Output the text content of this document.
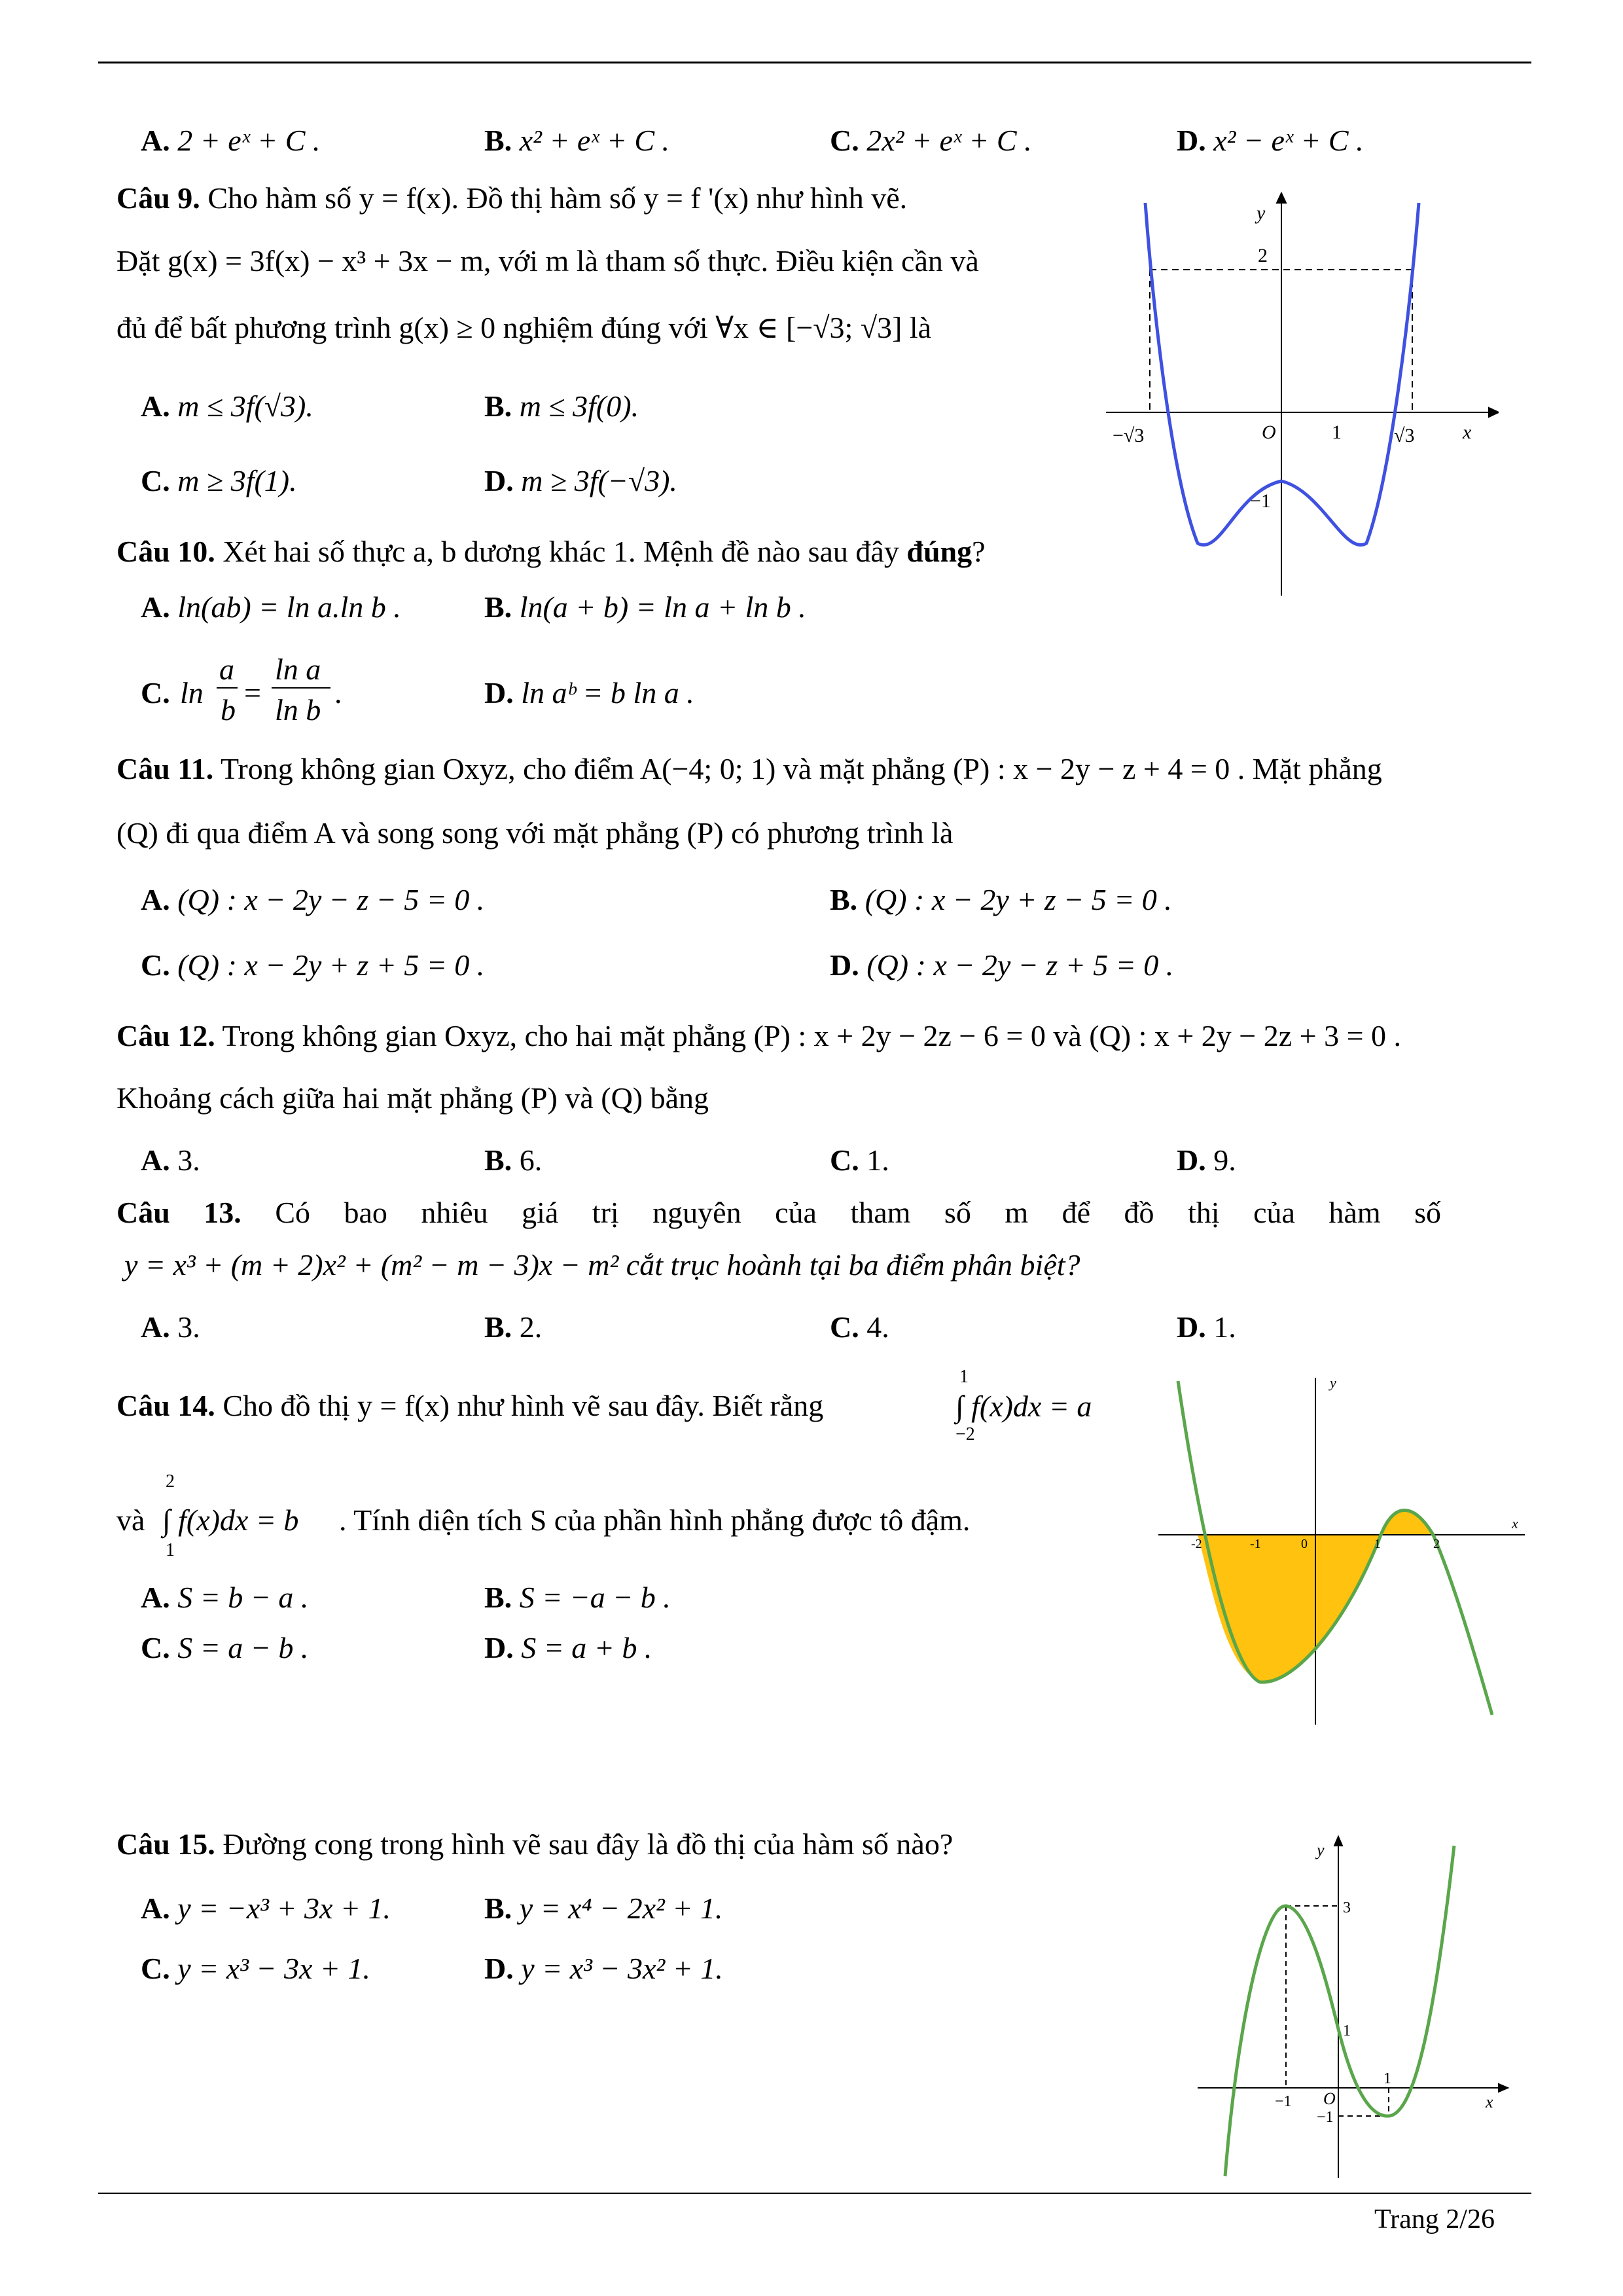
A. 2 + eˣ + C .	B. x² + eˣ + C .	C. 2x² + eˣ + C .	D. x² − eˣ + C .
Câu 9. Cho hàm số y = f(x). Đồ thị hàm số y = f '(x) như hình vẽ.
Đặt g(x) = 3f(x) − x³ + 3x − m, với m là tham số thực. Điều kiện cần và
đủ để bất phương trình g(x) ≥ 0 nghiệm đúng với ∀x ∈ [−√3; √3] là
A. m ≤ 3f(√3).	B. m ≤ 3f(0).
C. m ≥ 3f(1).	D. m ≥ 3f(−√3).
y
x
O
2
1
−1
√3
−√3
Câu 10. Xét hai số thực a, b dương khác 1. Mệnh đề nào sau đây đúng?
A. ln(ab) = ln a.ln b .	B. ln(a + b) = ln a + ln b .
C. ln
a
b
=
ln a
ln b
.	D. ln aᵇ = b ln a .
Câu 11. Trong không gian Oxyz, cho điểm A(−4; 0; 1) và mặt phẳng (P) : x − 2y − z + 4 = 0 . Mặt phẳng
(Q) đi qua điểm A và song song với mặt phẳng (P) có phương trình là
A. (Q) : x − 2y − z − 5 = 0 .	B. (Q) : x − 2y + z − 5 = 0 .
C. (Q) : x − 2y + z + 5 = 0 .	D. (Q) : x − 2y − z + 5 = 0 .
Câu 12. Trong không gian Oxyz, cho hai mặt phẳng (P) : x + 2y − 2z − 6 = 0 và (Q) : x + 2y − 2z + 3 = 0 .
Khoảng cách giữa hai mặt phẳng (P) và (Q) bằng
A. 3.	B. 6.	C. 1.	D. 9.
Câu 13. Có bao nhiêu giá trị nguyên của tham số m để đồ thị của hàm số
y = x³ + (m + 2)x² + (m² − m − 3)x − m² cắt trục hoành tại ba điểm phân biệt?
A. 3.	B. 2.	C. 4.	D. 1.
Câu 14. Cho đồ thị y = f(x) như hình vẽ sau đây. Biết rằng
1
∫ f(x)dx = a
−2
và
2
∫ f(x)dx = b
1
. Tính diện tích S của phần hình phẳng được tô đậm.
A. S = b − a .	B. S = −a − b .
C. S = a − b .	D. S = a + b .
y
x
0
-2	-1	1	2
Câu 15. Đường cong trong hình vẽ sau đây là đồ thị của hàm số nào?
A. y = −x³ + 3x + 1.	B. y = x⁴ − 2x² + 1.
C. y = x³ − 3x + 1.	D. y = x³ − 3x² + 1.
y
x
O
3
1
−1
1
−1
Trang 2/26
